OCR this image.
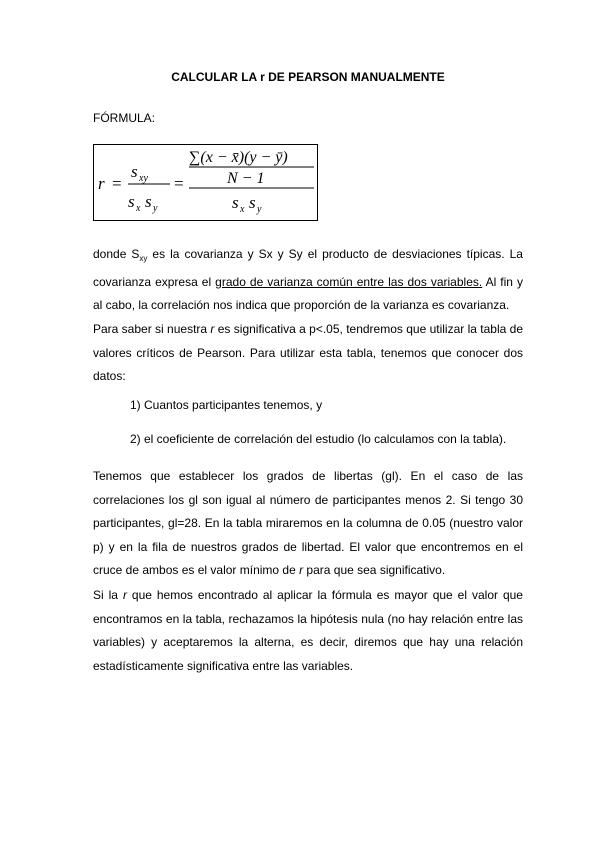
CALCULAR LA r DE PEARSON MANUALMENTE
FÓRMULA:
r =
s xy
s x s y
=
∑(x − x̄)(y − ȳ)
N − 1
s x s y
donde $S_{xy}$ es la covarianza y Sx y Sy el producto de desviaciones típicas. La covarianza expresa el grado de varianza común entre las dos variables. Al fin y al cabo, la correlación nos indica que proporción de la varianza es covarianza.
Para saber si nuestra r es significativa a p<.05, tendremos que utilizar la tabla de valores críticos de Pearson. Para utilizar esta tabla, tenemos que conocer dos datos:
1) Cuantos participantes tenemos, y
2) el coeficiente de correlación del estudio (lo calculamos con la tabla).
Tenemos que establecer los grados de libertas (gl). En el caso de las correlaciones los gl son igual al número de participantes menos 2. Si tengo 30 participantes, gl=28. En la tabla miraremos en la columna de 0.05 (nuestro valor p) y en la fila de nuestros grados de libertad. El valor que encontremos en el cruce de ambos es el valor mínimo de r para que sea significativo.
Si la r que hemos encontrado al aplicar la fórmula es mayor que el valor que encontramos en la tabla, rechazamos la hipótesis nula (no hay relación entre las variables) y aceptaremos la alterna, es decir, diremos que hay una relación estadísticamente significativa entre las variables.
